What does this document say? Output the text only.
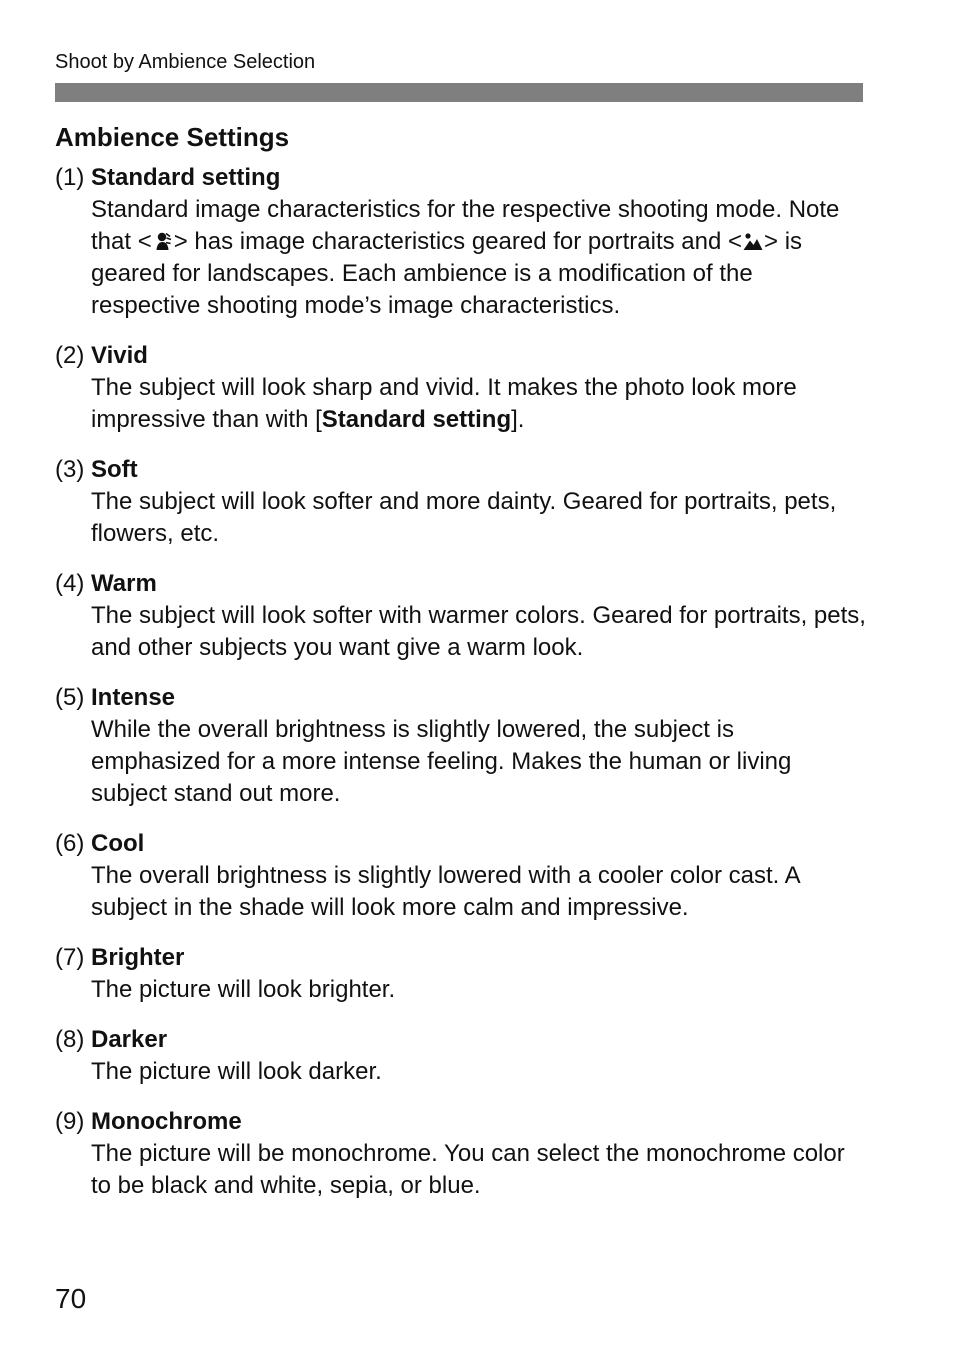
Shoot by Ambience Selection
Ambience Settings
(1) Standard setting
Standard image characteristics for the respective shooting mode. Note that < > has image characteristics geared for portraits and < > is geared for landscapes. Each ambience is a modification of the respective shooting mode’s image characteristics.
(2) Vivid
The subject will look sharp and vivid. It makes the photo look more impressive than with [Standard setting].
(3) Soft
The subject will look softer and more dainty. Geared for portraits, pets, flowers, etc.
(4) Warm
The subject will look softer with warmer colors. Geared for portraits, pets, and other subjects you want give a warm look.
(5) Intense
While the overall brightness is slightly lowered, the subject is emphasized for a more intense feeling. Makes the human or living subject stand out more.
(6) Cool
The overall brightness is slightly lowered with a cooler color cast. A subject in the shade will look more calm and impressive.
(7) Brighter
The picture will look brighter.
(8) Darker
The picture will look darker.
(9) Monochrome
The picture will be monochrome. You can select the monochrome color to be black and white, sepia, or blue.
70
